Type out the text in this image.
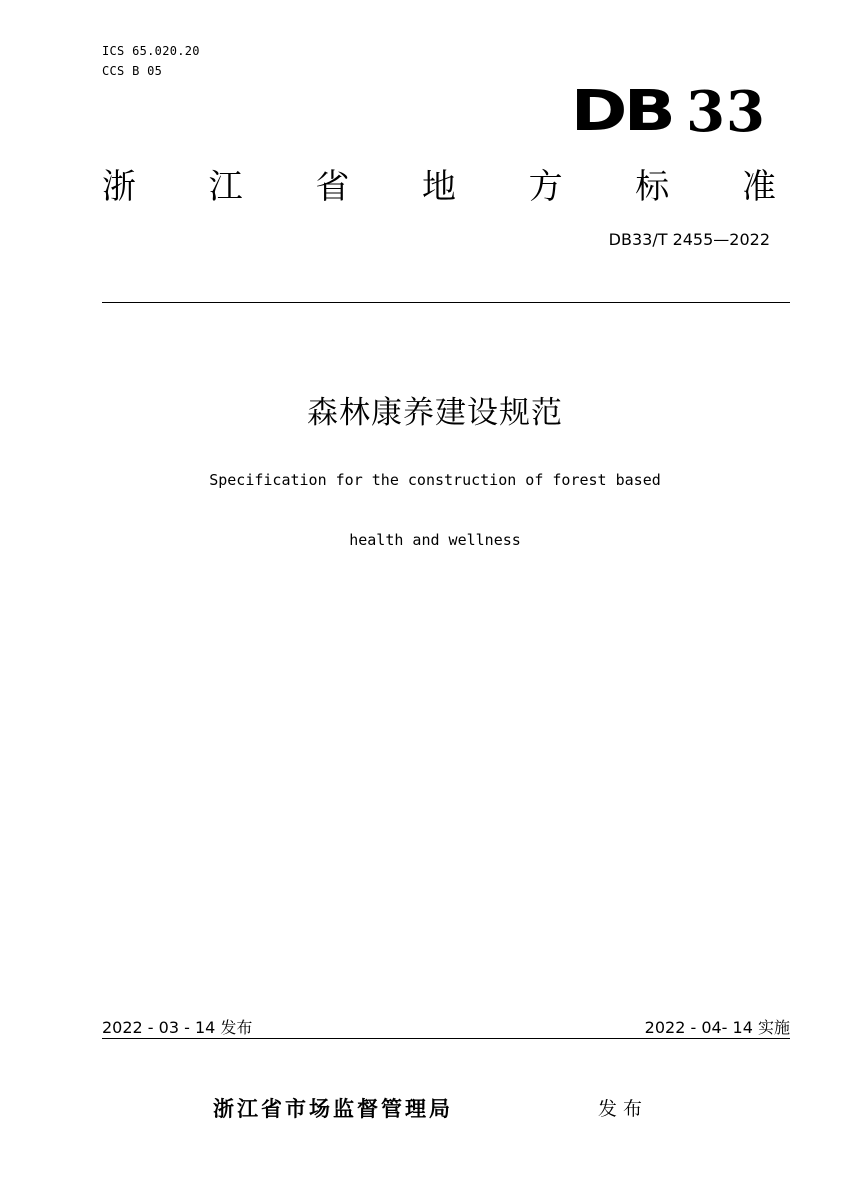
ICS 65.020.20
CCS B 05
DB 33
浙 江 省 地 方 标 准
DB33/T 2455—2022
森林康养建设规范
Specification for the construction of forest based
health and wellness
2022 - 03 - 14 发布	2022 - 04- 14 实施
浙江省市场监督管理局	发布
